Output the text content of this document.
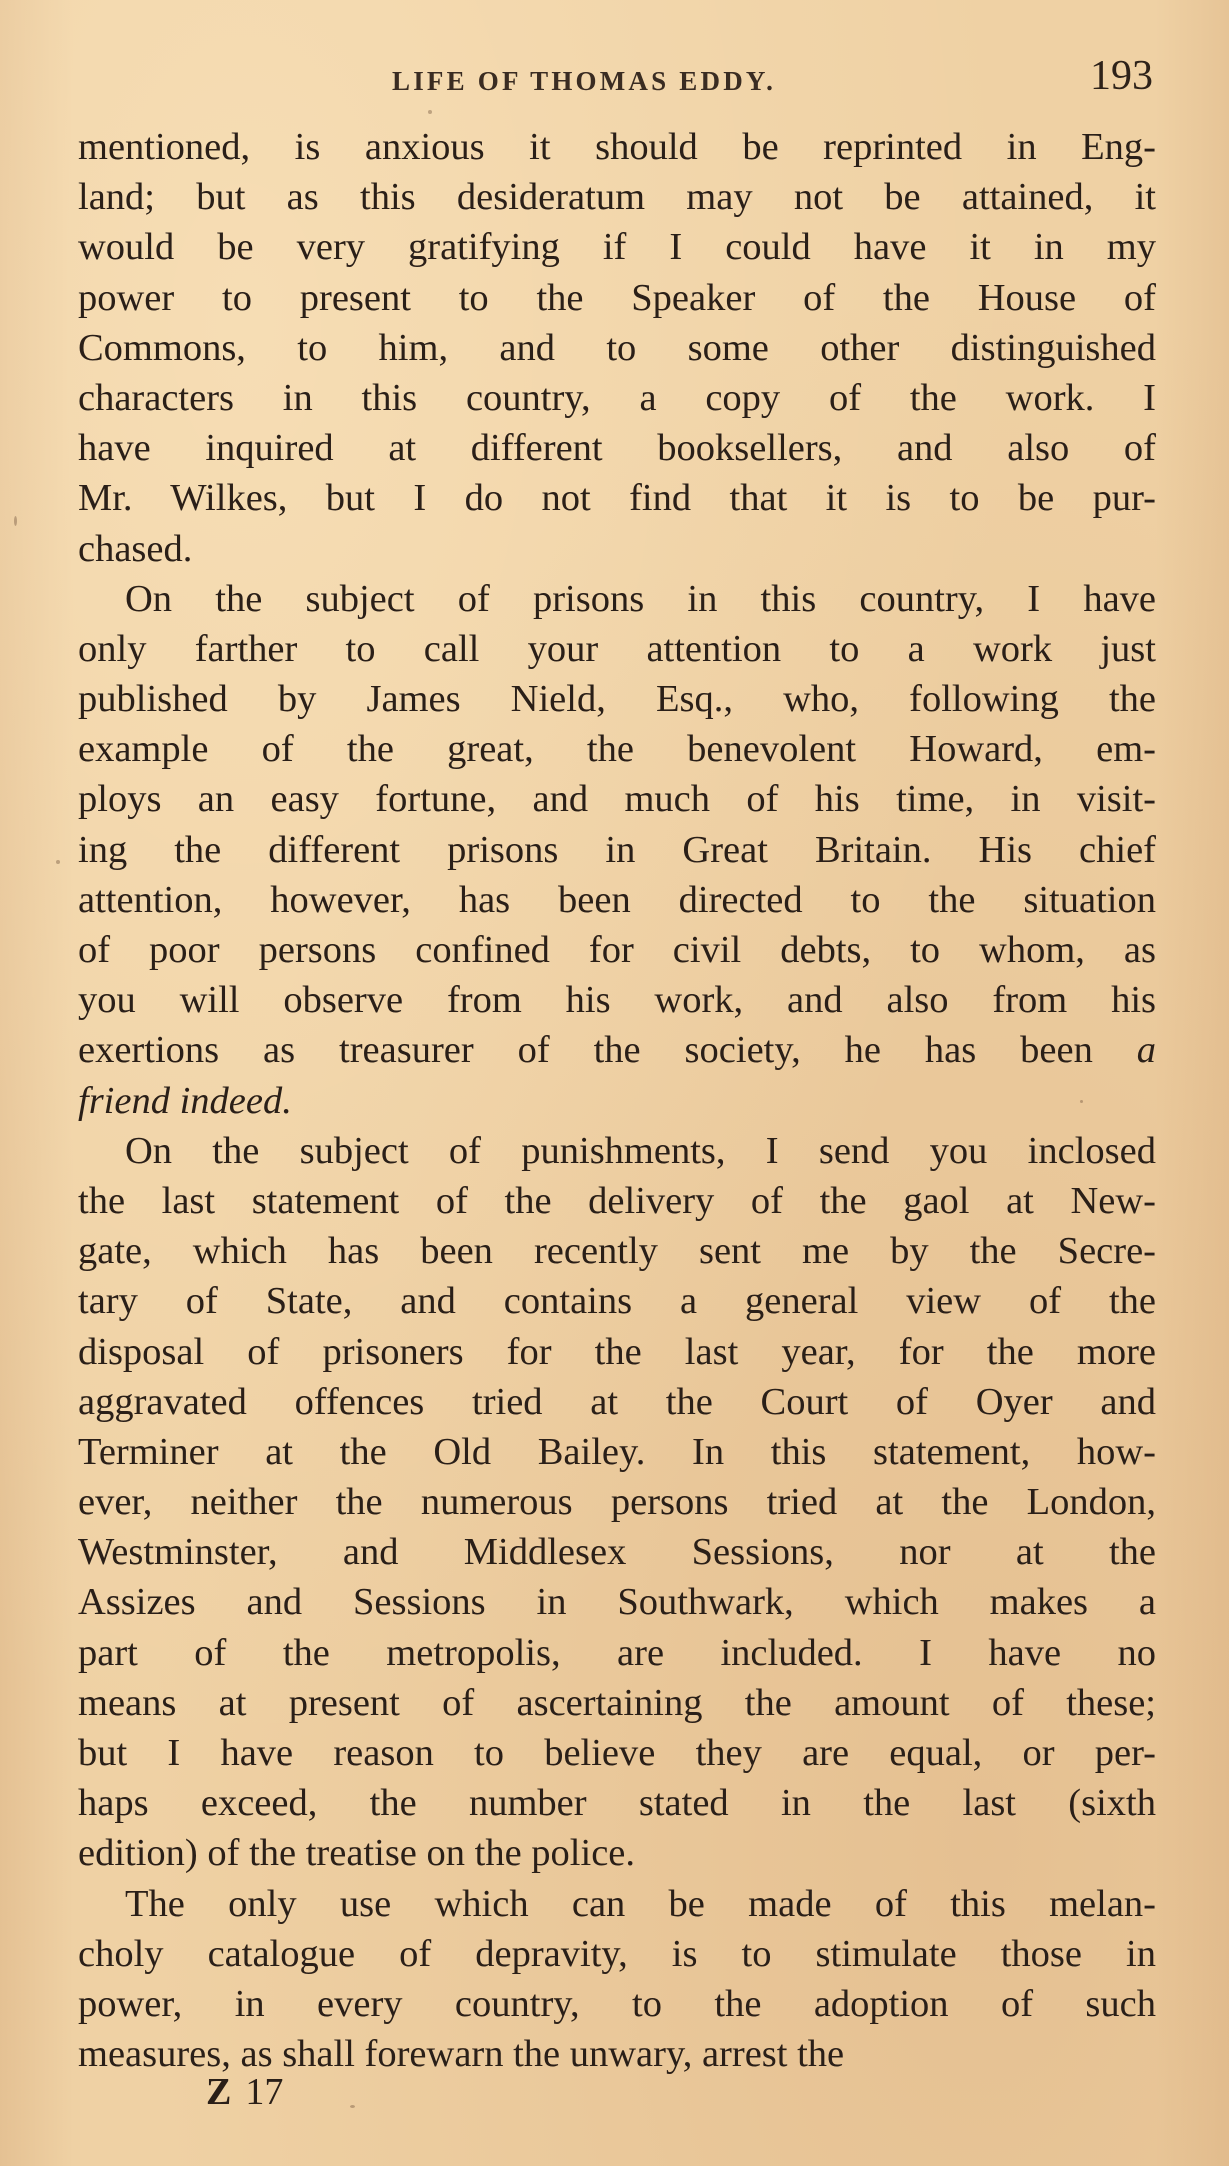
LIFE OF THOMAS EDDY.	193
mentioned, is anxious it should be reprinted in Eng-
land; but as this desideratum may not be attained, it
would be very gratifying if I could have it in my
power to present to the Speaker of the House of
Commons, to him, and to some other distinguished
characters in this country, a copy of the work. I
have inquired at different booksellers, and also of
Mr. Wilkes, but I do not find that it is to be pur-
chased.
On the subject of prisons in this country, I have
only farther to call your attention to a work just
published by James Nield, Esq., who, following the
example of the great, the benevolent Howard, em-
ploys an easy fortune, and much of his time, in visit-
ing the different prisons in Great Britain. His chief
attention, however, has been directed to the situation
of poor persons confined for civil debts, to whom, as
you will observe from his work, and also from his
exertions as treasurer of the society, he has been a
friend indeed.
On the subject of punishments, I send you inclosed
the last statement of the delivery of the gaol at New-
gate, which has been recently sent me by the Secre-
tary of State, and contains a general view of the
disposal of prisoners for the last year, for the more
aggravated offences tried at the Court of Oyer and
Terminer at the Old Bailey. In this statement, how-
ever, neither the numerous persons tried at the London,
Westminster, and Middlesex Sessions, nor at the
Assizes and Sessions in Southwark, which makes a
part of the metropolis, are included. I have no
means at present of ascertaining the amount of these;
but I have reason to believe they are equal, or per-
haps exceed, the number stated in the last (sixth
edition) of the treatise on the police.
The only use which can be made of this melan-
choly catalogue of depravity, is to stimulate those in
power, in every country, to the adoption of such
measures, as shall forewarn the unwary, arrest the
Z 17
